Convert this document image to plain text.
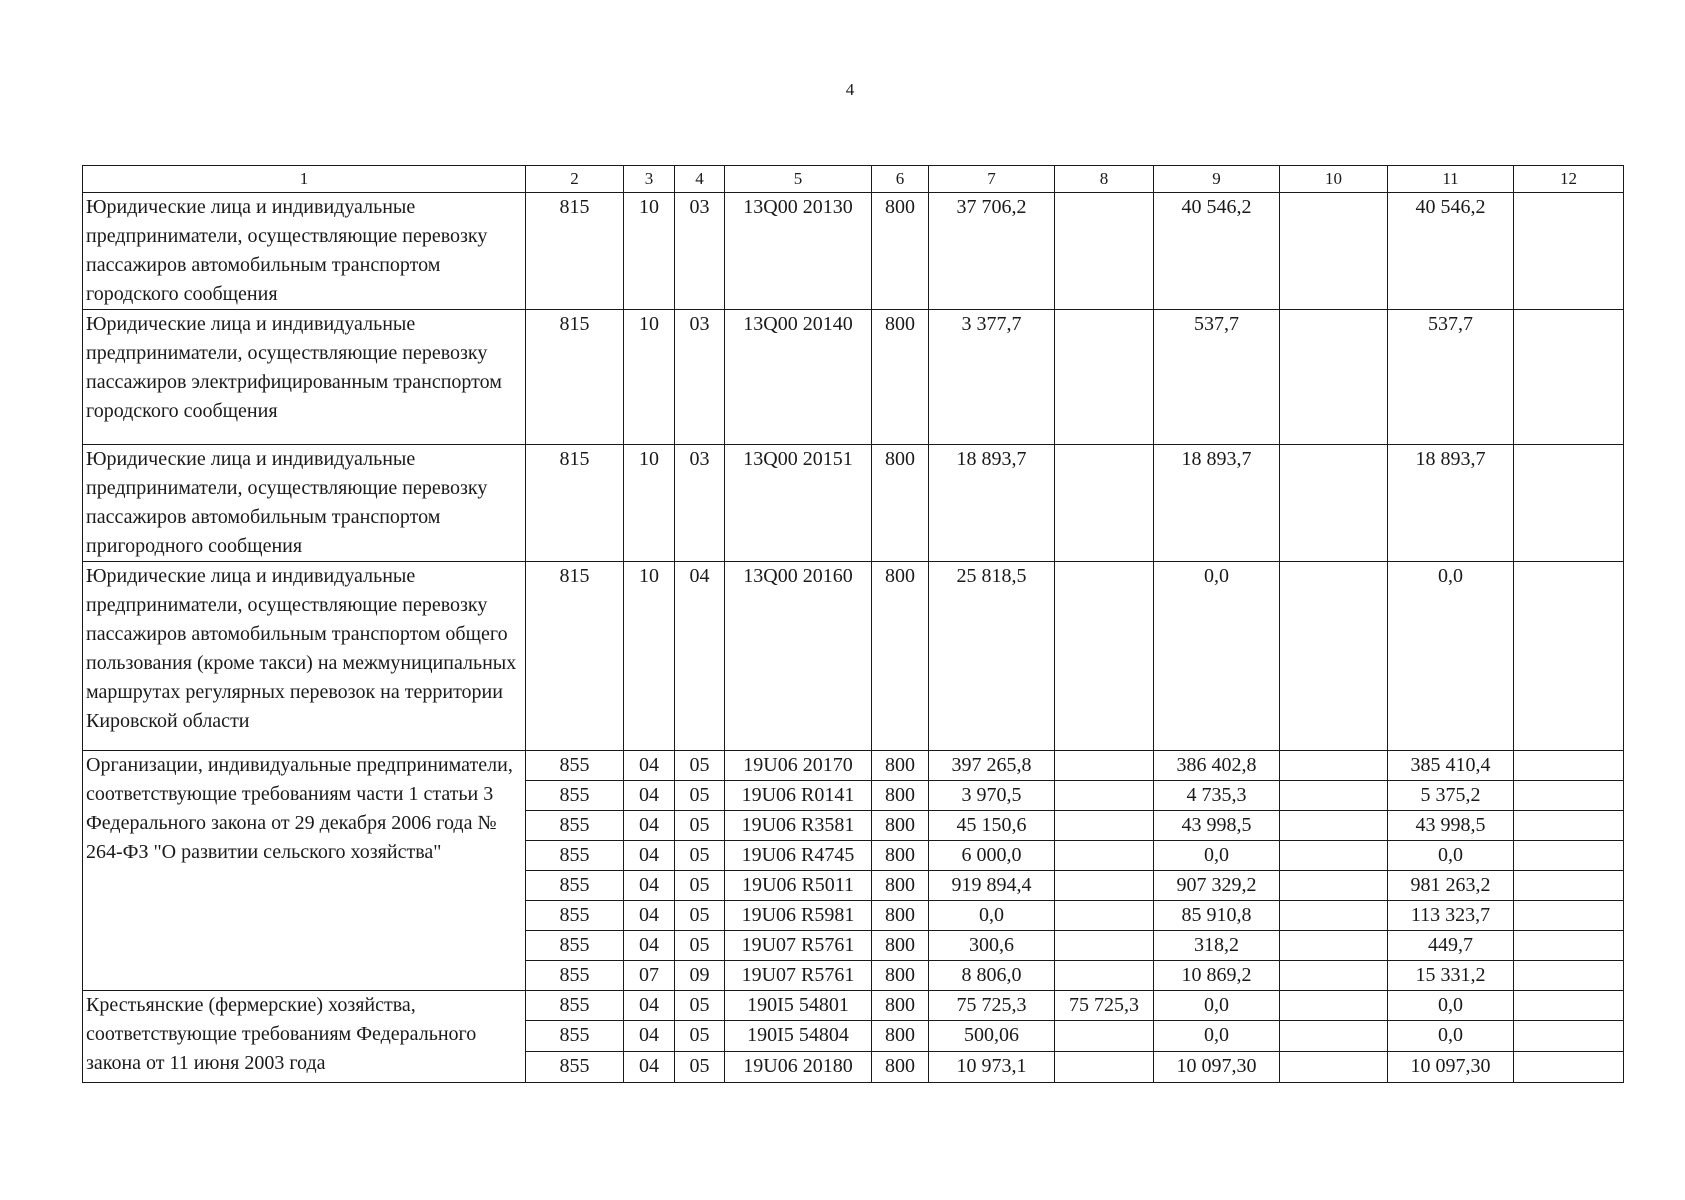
4
1	2	3	4	5	6	7	8	9	10	11	12
Юридические лица и индивидуальные предприниматели, осуществляющие перевозку пассажиров автомобильным транспортом городского сообщения	815	10	03	13Q00 20130	800	37 706,2		40 546,2		40 546,2	
Юридические лица и индивидуальные предприниматели, осуществляющие перевозку пассажиров электрифицированным транспортом городского сообщения	815	10	03	13Q00 20140	800	3 377,7		537,7		537,7	
Юридические лица и индивидуальные предприниматели, осуществляющие перевозку пассажиров автомобильным транспортом пригородного сообщения	815	10	03	13Q00 20151	800	18 893,7		18 893,7		18 893,7	
Юридические лица и индивидуальные предприниматели, осуществляющие перевозку пассажиров автомобильным транспортом общего пользования (кроме такси) на межмуниципальных маршрутах регулярных перевозок на территории Кировской области	815	10	04	13Q00 20160	800	25 818,5		0,0		0,0	
Организации, индивидуальные предприниматели, соответствующие требованиям части 1 статьи 3 Федерального закона от 29 декабря 2006 года № 264-ФЗ "О развитии сельского хозяйства"	855	04	05	19U06 20170	800	397 265,8		386 402,8		385 410,4	
	855	04	05	19U06 R0141	800	3 970,5		4 735,3		5 375,2	
	855	04	05	19U06 R3581	800	45 150,6		43 998,5		43 998,5	
	855	04	05	19U06 R4745	800	6 000,0		0,0		0,0	
	855	04	05	19U06 R5011	800	919 894,4		907 329,2		981 263,2	
	855	04	05	19U06 R5981	800	0,0		85 910,8		113 323,7	
	855	04	05	19U07 R5761	800	300,6		318,2		449,7	
	855	07	09	19U07 R5761	800	8 806,0		10 869,2		15 331,2	
Крестьянские (фермерские) хозяйства, соответствующие требованиям Федерального закона от 11 июня 2003 года	855	04	05	190I5 54801	800	75 725,3	75 725,3	0,0		0,0	
	855	04	05	190I5 54804	800	500,06		0,0		0,0	
	855	04	05	19U06 20180	800	10 973,1		10 097,30		10 097,30	
